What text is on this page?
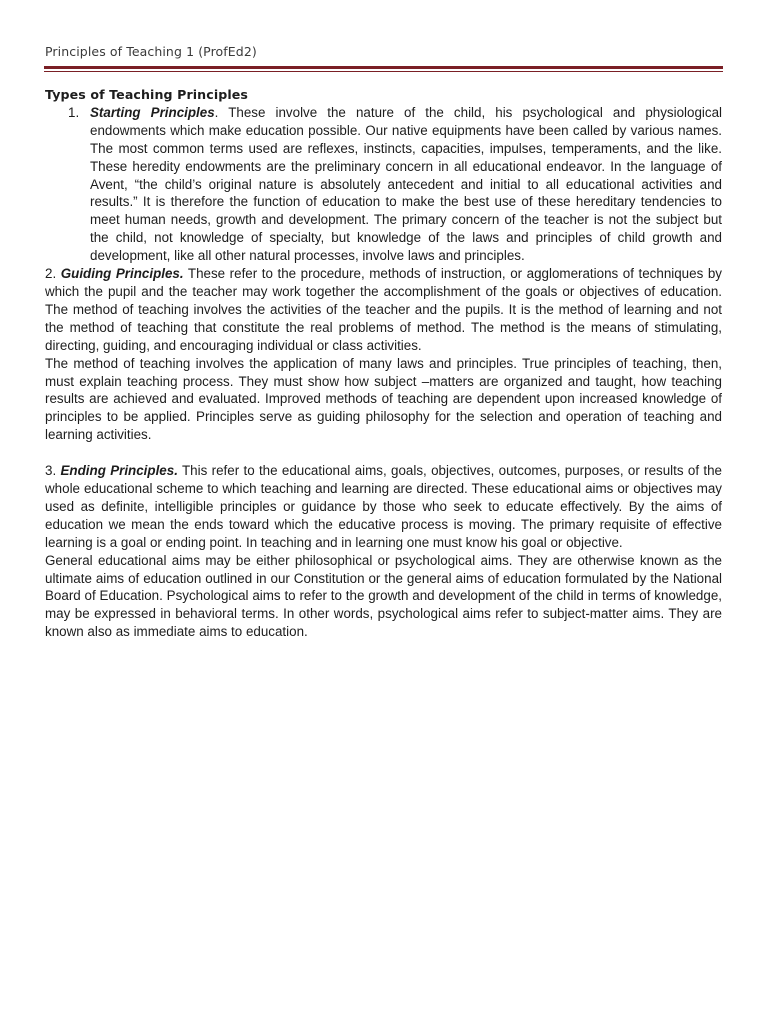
Principles of Teaching 1 (ProfEd2)

Types of Teaching Principles

1. Starting Principles. These involve the nature of the child, his psychological and physiological endowments which make education possible. Our native equipments have been called by various names. The most common terms used are reflexes, instincts, capacities, impulses, temperaments, and the like. These heredity endowments are the preliminary concern in all educational endeavor. In the language of Avent, “the child’s original nature is absolutely antecedent and initial to all educational activities and results.” It is therefore the function of education to make the best use of these hereditary tendencies to meet human needs, growth and development. The primary concern of the teacher is not the subject but the child, not knowledge of specialty, but knowledge of the laws and principles of child growth and development, like all other natural processes, involve laws and principles.

2. Guiding Principles. These refer to the procedure, methods of instruction, or agglomerations of techniques by which the pupil and the teacher may work together the accomplishment of the goals or objectives of education. The method of teaching involves the activities of the teacher and the pupils. It is the method of learning and not the method of teaching that constitute the real problems of method. The method is the means of stimulating, directing, guiding, and encouraging individual or class activities.

The method of teaching involves the application of many laws and principles. True principles of teaching, then, must explain teaching process. They must show how subject –matters are organized and taught, how teaching results are achieved and evaluated. Improved methods of teaching are dependent upon increased knowledge of principles to be applied. Principles serve as guiding philosophy for the selection and operation of teaching and learning activities.

3. Ending Principles. This refer to the educational aims, goals, objectives, outcomes, purposes, or results of the whole educational scheme to which teaching and learning are directed. These educational aims or objectives may used as definite, intelligible principles or guidance by those who seek to educate effectively. By the aims of education we mean the ends toward which the educative process is moving. The primary requisite of effective learning is a goal or ending point. In teaching and in learning one must know his goal or objective.

General educational aims may be either philosophical or psychological aims. They are otherwise known as the ultimate aims of education outlined in our Constitution or the general aims of education formulated by the National Board of Education. Psychological aims to refer to the growth and development of the child in terms of knowledge, may be expressed in behavioral terms. In other words, psychological aims refer to subject-matter aims. They are known also as immediate aims to education.
